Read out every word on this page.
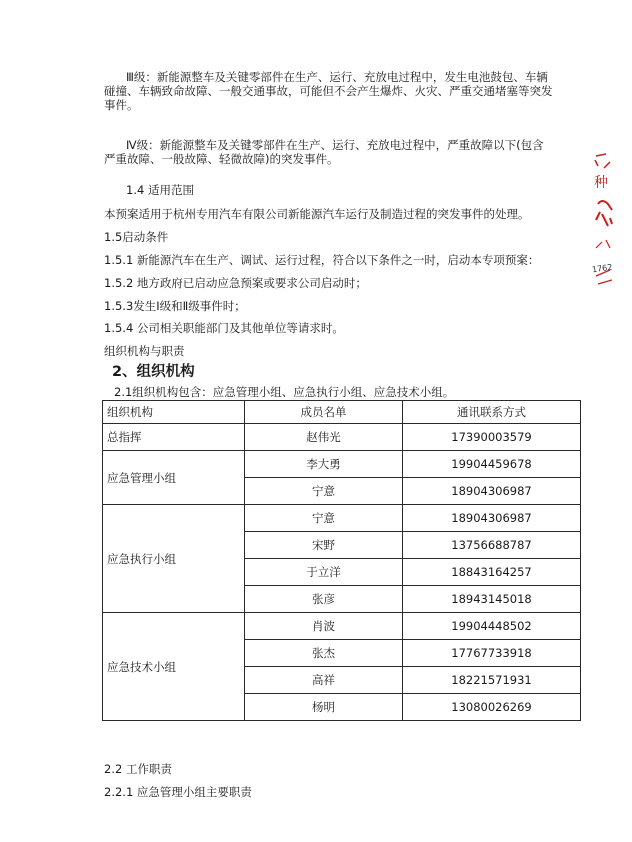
Ⅲ级：新能源整车及关键零部件在生产、运行、充放电过程中，发生电池鼓包、车辆碰撞、车辆致命故障、一般交通事故，可能但不会产生爆炸、火灾、严重交通堵塞等突发事件。

Ⅳ级：新能源整车及关键零部件在生产、运行、充放电过程中，严重故障以下(包含严重故障、一般故障、轻微故障)的突发事件。

1.4 适用范围

本预案适用于杭州专用汽车有限公司新能源汽车运行及制造过程的突发事件的处理。

1.5启动条件

1.5.1 新能源汽车在生产、调试、运行过程，符合以下条件之一时，启动本专项预案：

1.5.2 地方政府已启动应急预案或要求公司启动时；

1.5.3发生Ⅰ级和Ⅱ级事件时；

1.5.4 公司相关职能部门及其他单位等请求时。

组织机构与职责

2、组织机构

2.1组织机构包含：应急管理小组、应急执行小组、应急技术小组。

组织机构	成员名单	通讯联系方式
总指挥	赵伟光	17390003579
应急管理小组	李大勇	19904459678
	宁意	18904306987
应急执行小组	宁意	18904306987
	宋野	13756688787
	于立洋	18843164257
	张彦	18943145018
应急技术小组	肖波	19904448502
	张杰	17767733918
	高祥	18221571931
	杨明	13080026269

2.2 工作职责

2.2.1 应急管理小组主要职责

种
1762
